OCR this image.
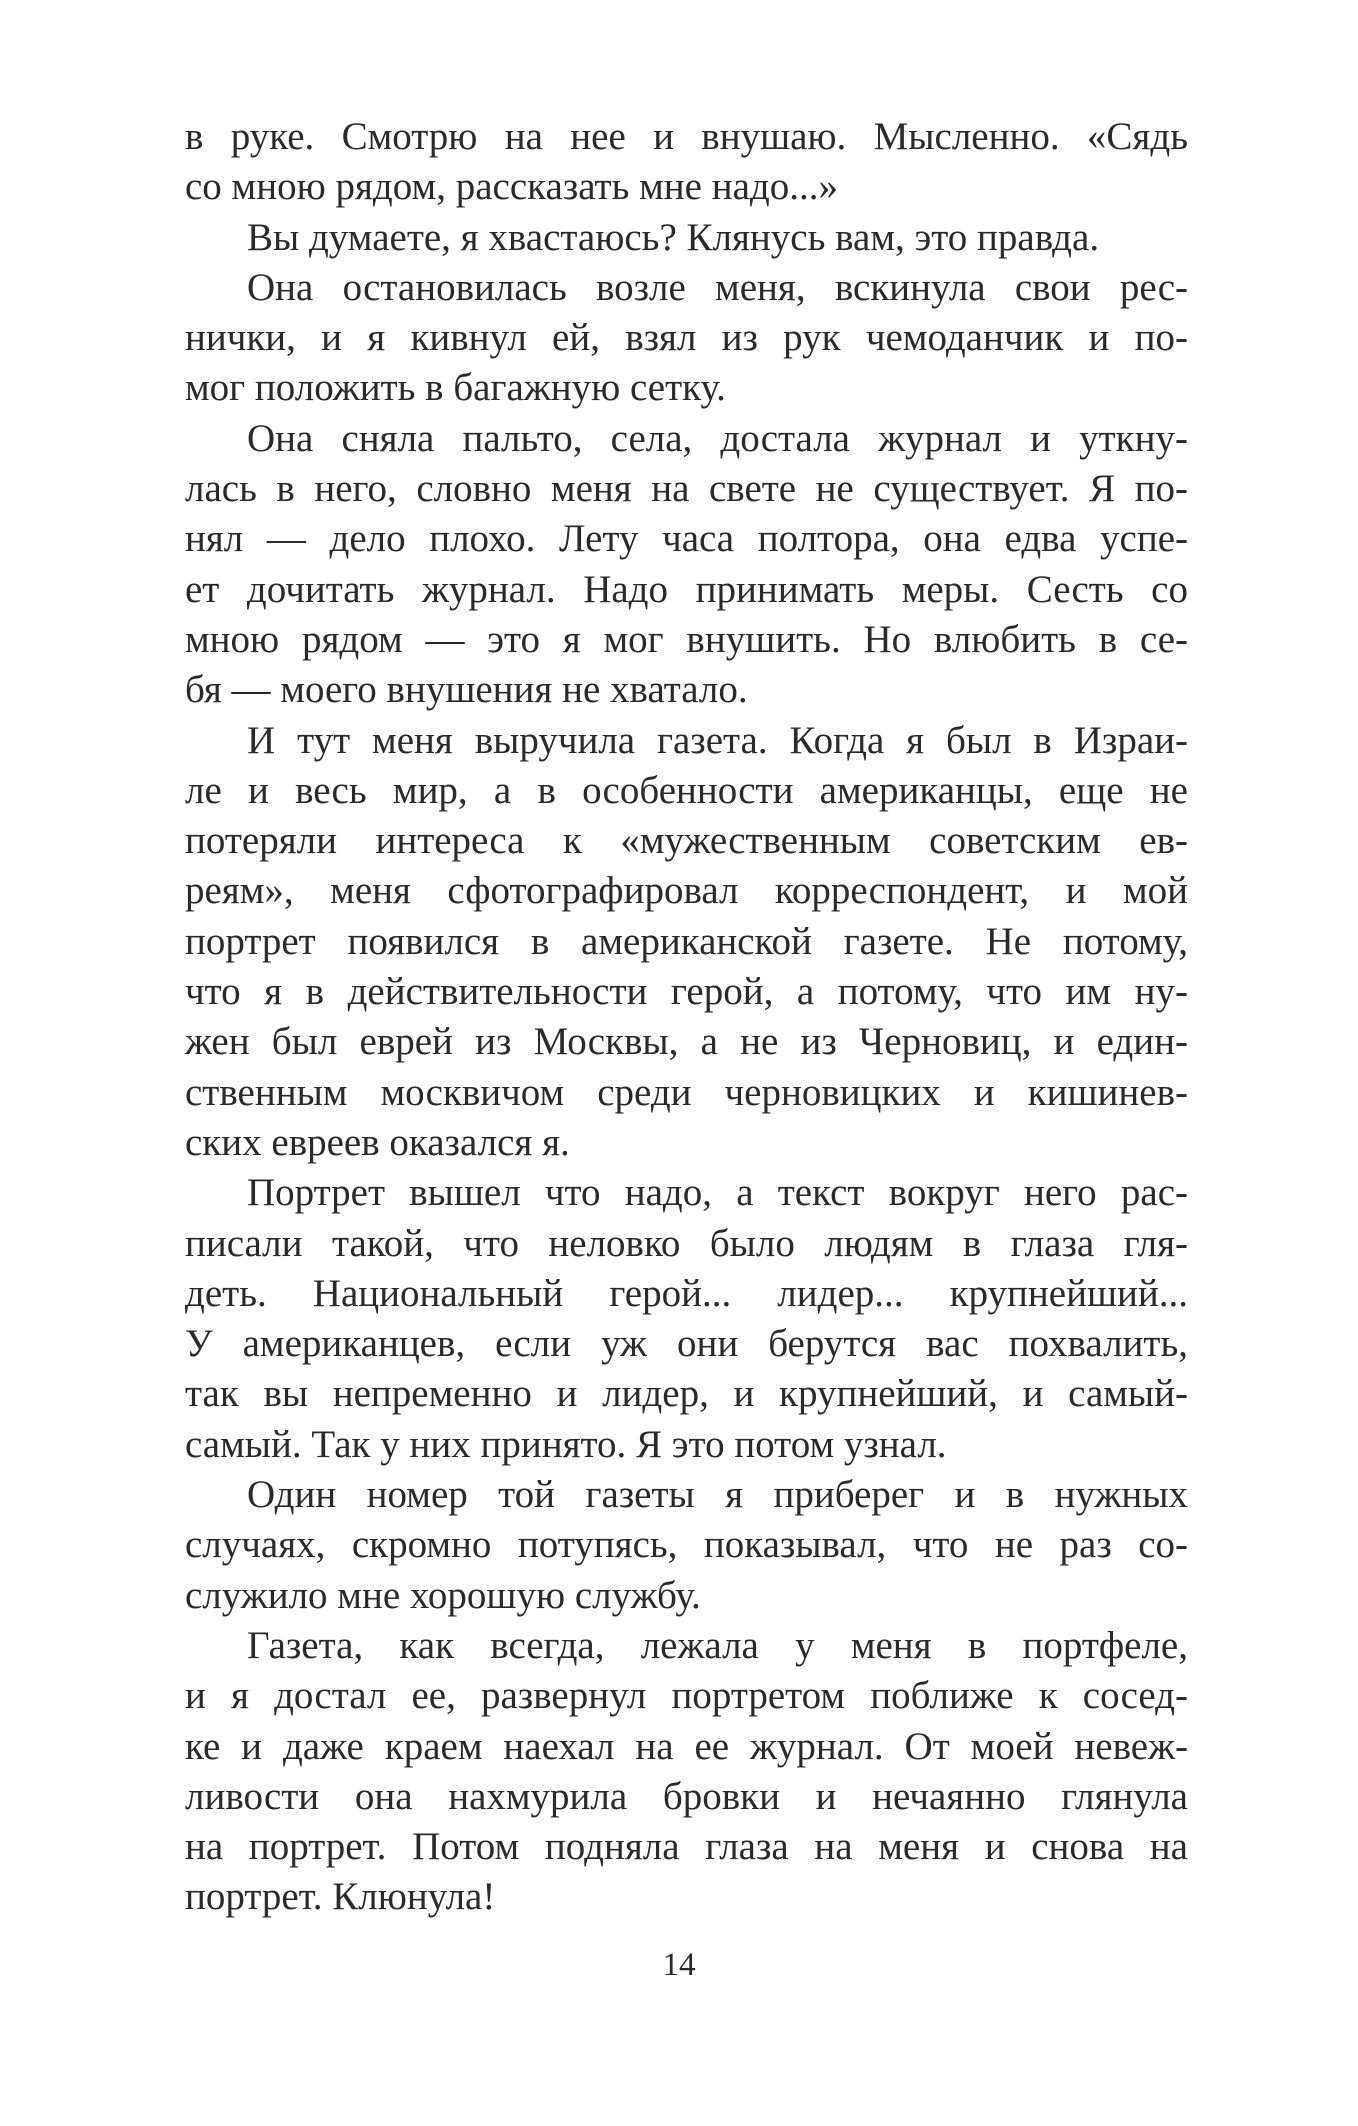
в руке. Смотрю на нее и внушаю. Мысленно. «Сядь
со мною рядом, рассказать мне надо...»
Вы думаете, я хвастаюсь? Клянусь вам, это правда.
Она остановилась возле меня, вскинула свои рес-
нички, и я кивнул ей, взял из рук чемоданчик и по-
мог положить в багажную сетку.
Она сняла пальто, села, достала журнал и уткну-
лась в него, словно меня на свете не существует. Я по-
нял — дело плохо. Лету часа полтора, она едва успе-
ет дочитать журнал. Надо принимать меры. Сесть со
мною рядом — это я мог внушить. Но влюбить в се-
бя — моего внушения не хватало.
И тут меня выручила газета. Когда я был в Израи-
ле и весь мир, а в особенности американцы, еще не
потеряли интереса к «мужественным советским ев-
реям», меня сфотографировал корреспондент, и мой
портрет появился в американской газете. Не потому,
что я в действительности герой, а потому, что им ну-
жен был еврей из Москвы, а не из Черновиц, и един-
ственным москвичом среди черновицких и кишинев-
ских евреев оказался я.
Портрет вышел что надо, а текст вокруг него рас-
писали такой, что неловко было людям в глаза гля-
деть. Национальный герой... лидер... крупнейший...
У американцев, если уж они берутся вас похвалить,
так вы непременно и лидер, и крупнейший, и самый-
самый. Так у них принято. Я это потом узнал.
Один номер той газеты я приберег и в нужных
случаях, скромно потупясь, показывал, что не раз со-
служило мне хорошую службу.
Газета, как всегда, лежала у меня в портфеле,
и я достал ее, развернул портретом поближе к сосед-
ке и даже краем наехал на ее журнал. От моей невеж-
ливости она нахмурила бровки и нечаянно глянула
на портрет. Потом подняла глаза на меня и снова на
портрет. Клюнула!
14
